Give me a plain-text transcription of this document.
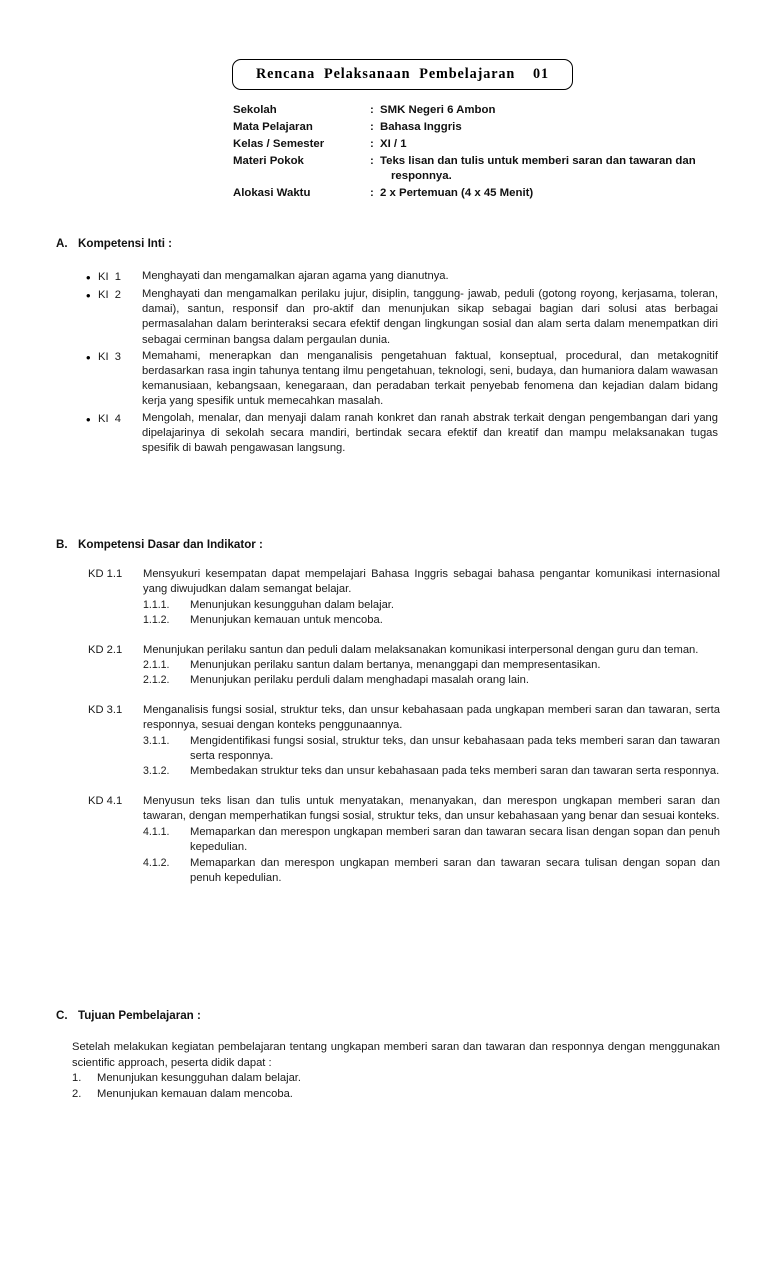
Rencana  Pelaksanaan  Pembelajaran    01
Sekolah	: SMK Negeri 6 Ambon
Mata Pelajaran	: Bahasa Inggris
Kelas / Semester	: XI / 1
Materi Pokok	: Teks lisan dan tulis untuk memberi saran dan tawaran dan
responnya.
Alokasi Waktu	: 2 x Pertemuan (4 x 45 Menit)
A. Kompetensi Inti :
• KI  1	Menghayati dan mengamalkan ajaran agama yang dianutnya.
• KI  2	Menghayati dan mengamalkan perilaku jujur, disiplin, tanggung- jawab, peduli (gotong royong, kerjasama, toleran, damai), santun, responsif dan pro-aktif dan menunjukan sikap sebagai bagian dari solusi atas berbagai permasalahan dalam berinteraksi secara efektif dengan lingkungan sosial dan alam serta dalam menempatkan diri sebagai cerminan bangsa dalam pergaulan dunia.
• KI  3	Memahami, menerapkan dan menganalisis pengetahuan faktual, konseptual, procedural, dan metakognitif berdasarkan rasa ingin tahunya tentang ilmu pengetahuan, teknologi, seni, budaya, dan humaniora dalam wawasan kemanusiaan, kebangsaan, kenegaraan, dan peradaban terkait penyebab fenomena dan kejadian dalam bidang kerja yang spesifik untuk memecahkan masalah.
• KI  4	Mengolah, menalar, dan menyaji dalam ranah konkret dan ranah abstrak terkait dengan pengembangan dari yang dipelajarinya di sekolah secara mandiri, bertindak secara efektif dan kreatif dan mampu melaksanakan tugas spesifik di bawah pengawasan langsung.
B. Kompetensi Dasar dan Indikator :
KD 1.1	Mensyukuri kesempatan dapat mempelajari Bahasa Inggris sebagai bahasa pengantar komunikasi internasional yang diwujudkan dalam semangat belajar.
1.1.1.	Menunjukan kesungguhan dalam belajar.
1.1.2.	Menunjukan kemauan untuk mencoba.
KD 2.1	Menunjukan perilaku santun dan peduli dalam melaksanakan komunikasi interpersonal dengan guru dan teman.
2.1.1.	Menunjukan perilaku santun dalam bertanya, menanggapi dan mempresentasikan.
2.1.2.	Menunjukan perilaku perduli dalam menghadapi masalah orang lain.
KD 3.1	Menganalisis fungsi sosial, struktur teks, dan unsur kebahasaan pada ungkapan memberi saran dan tawaran, serta responnya, sesuai dengan konteks penggunaannya.
3.1.1.	Mengidentifikasi fungsi sosial, struktur teks, dan unsur kebahasaan pada teks memberi saran dan tawaran serta responnya.
3.1.2.	Membedakan struktur teks dan unsur kebahasaan pada teks memberi saran dan tawaran serta responnya.
KD 4.1	Menyusun teks lisan dan tulis untuk menyatakan, menanyakan, dan merespon ungkapan memberi saran dan tawaran, dengan memperhatikan fungsi sosial, struktur teks, dan unsur kebahasaan yang benar dan sesuai konteks.
4.1.1.	Memaparkan dan merespon ungkapan memberi saran dan tawaran secara lisan dengan sopan dan penuh kepedulian.
4.1.2.	Memaparkan dan merespon ungkapan memberi saran dan tawaran secara tulisan dengan sopan dan penuh kepedulian.
C. Tujuan Pembelajaran :
Setelah melakukan kegiatan pembelajaran tentang ungkapan memberi saran dan tawaran dan responnya dengan menggunakan scientific approach, peserta didik dapat :
1.	Menunjukan kesungguhan dalam belajar.
2.	Menunjukan kemauan dalam mencoba.
